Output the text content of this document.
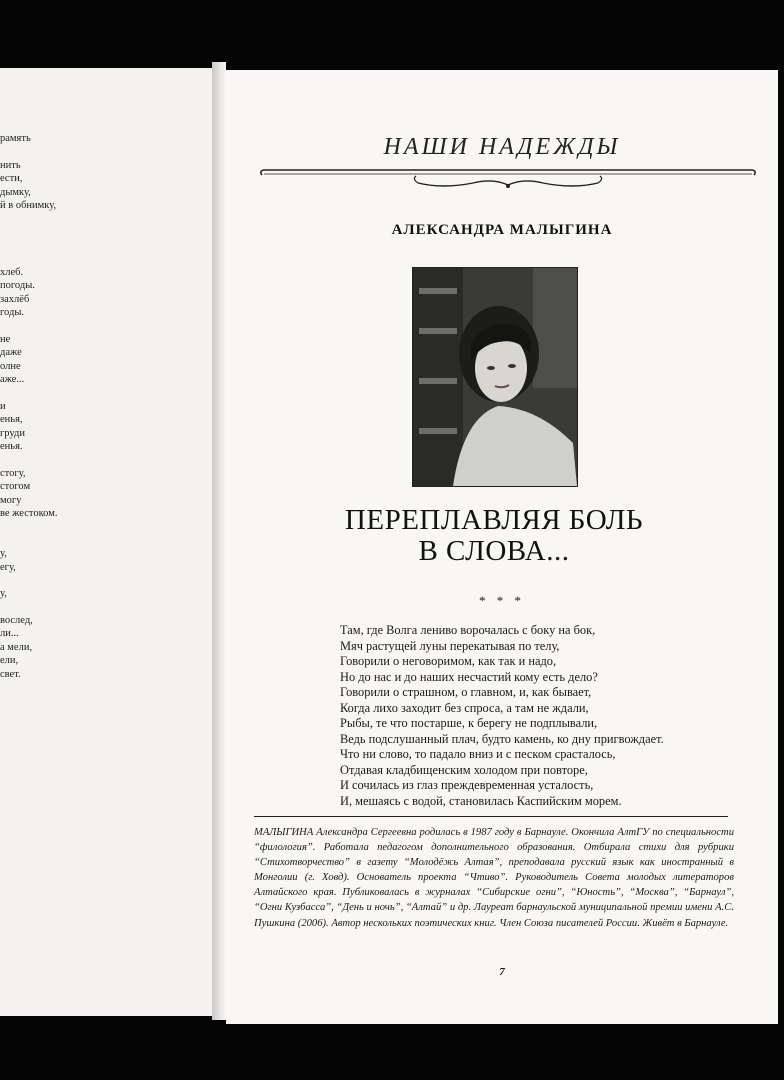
рамять
нить
ести,
дымку,
й в обнимку,
хлеб.
погоды.
захлёб
годы.
не
даже
олне
аже...
и
енья,
груди
енья.
стогу,
стогом
могу
ве жестоком.
у,
егу,
у,
вослед,
ли...
а мели,
ели,
свет.
НАШИ НАДЕЖДЫ
АЛЕКСАНДРА МАЛЫГИНА
ПЕРЕПЛАВЛЯЯ БОЛЬ
В СЛОВА...
* * *
Там, где Волга лениво ворочалась с боку на бок,
Мяч растущей луны перекатывая по телу,
Говорили о неговоримом, как так и надо,
Но до нас и до наших несчастий кому есть дело?
Говорили о страшном, о главном, и, как бывает,
Когда лихо заходит без спроса, а там не ждали,
Рыбы, те что постарше, к берегу не подплывали,
Ведь подслушанный плач, будто камень, ко дну пригвождает.
Что ни слово, то падало вниз и с песком срасталось,
Отдавая кладбищенским холодом при повторе,
И сочилась из глаз преждевременная усталость,
И, мешаясь с водой, становилась Каспийским морем.
МАЛЫГИНА Александра Сергеевна родилась в 1987 году в Барнауле. Окончила АлтГУ по специальности “филология”. Работала педагогом дополнительного образования. Отбирала стихи для рубрики “Стихотворчество” в газету “Молодёжь Алтая”, преподавала русский язык как иностранный в Монголии (г. Ховд). Основатель проекта “Чтиво”. Руководитель Совета молодых литераторов Алтайского края. Публиковалась в журналах “Сибирские огни”, “Юность”, “Москва”, “Барнаул”, “Огни Кузбасса”, “День и ночь”, “Алтай” и др. Лауреат барнаульской муниципальной премии имени А.С. Пушкина (2006). Автор нескольких поэтических книг. Член Союза писателей России. Живёт в Барнауле.
7
